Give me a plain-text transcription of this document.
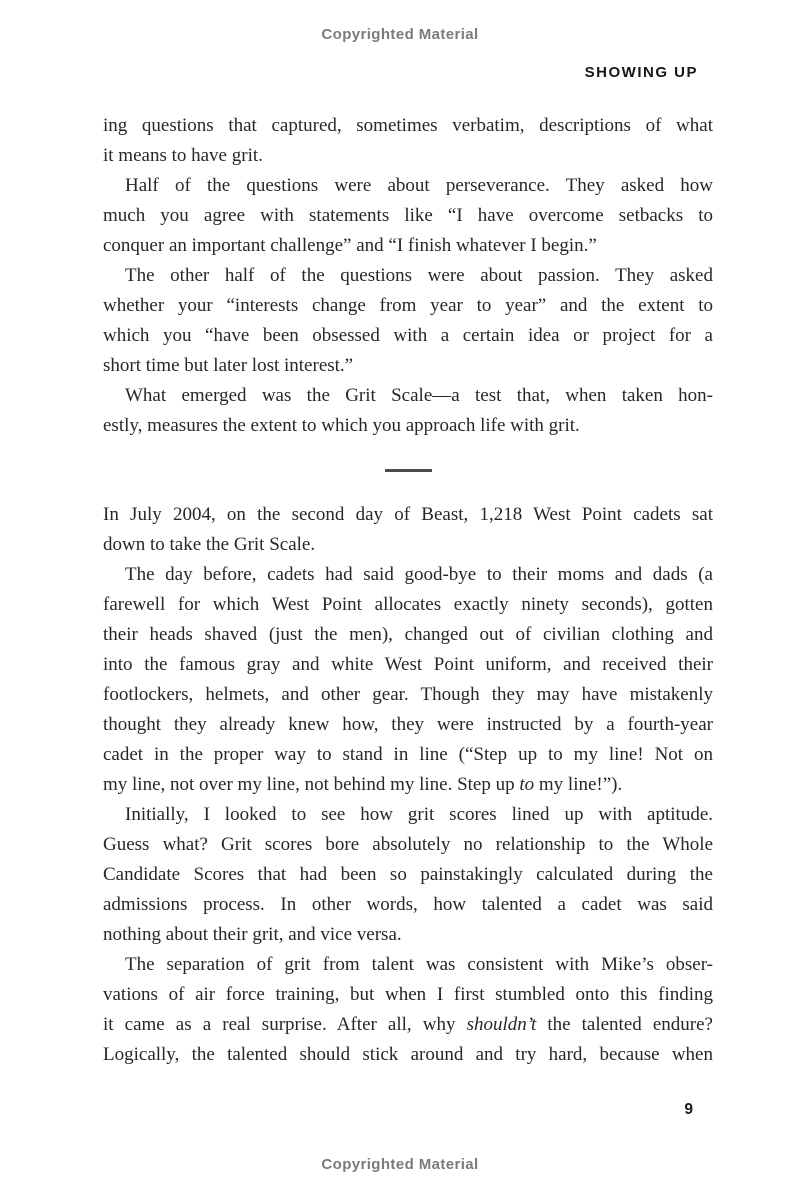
Copyrighted Material
SHOWING UP

ing questions that captured, sometimes verbatim, descriptions of what
it means to have grit.

Half of the questions were about perseverance. They asked how
much you agree with statements like “I have overcome setbacks to
conquer an important challenge” and “I finish whatever I begin.”

The other half of the questions were about passion. They asked
whether your “interests change from year to year” and the extent to
which you “have been obsessed with a certain idea or project for a
short time but later lost interest.”

What emerged was the Grit Scale—a test that, when taken hon-
estly, measures the extent to which you approach life with grit.

In July 2004, on the second day of Beast, 1,218 West Point cadets sat
down to take the Grit Scale.

The day before, cadets had said good-bye to their moms and dads (a
farewell for which West Point allocates exactly ninety seconds), gotten
their heads shaved (just the men), changed out of civilian clothing and
into the famous gray and white West Point uniform, and received their
footlockers, helmets, and other gear. Though they may have mistakenly
thought they already knew how, they were instructed by a fourth-year
cadet in the proper way to stand in line (“Step up to my line! Not on
my line, not over my line, not behind my line. Step up to my line!”).

Initially, I looked to see how grit scores lined up with aptitude.
Guess what? Grit scores bore absolutely no relationship to the Whole
Candidate Scores that had been so painstakingly calculated during the
admissions process. In other words, how talented a cadet was said
nothing about their grit, and vice versa.

The separation of grit from talent was consistent with Mike’s obser-
vations of air force training, but when I first stumbled onto this finding
it came as a real surprise. After all, why shouldn’t the talented endure?
Logically, the talented should stick around and try hard, because when

9
Copyrighted Material
